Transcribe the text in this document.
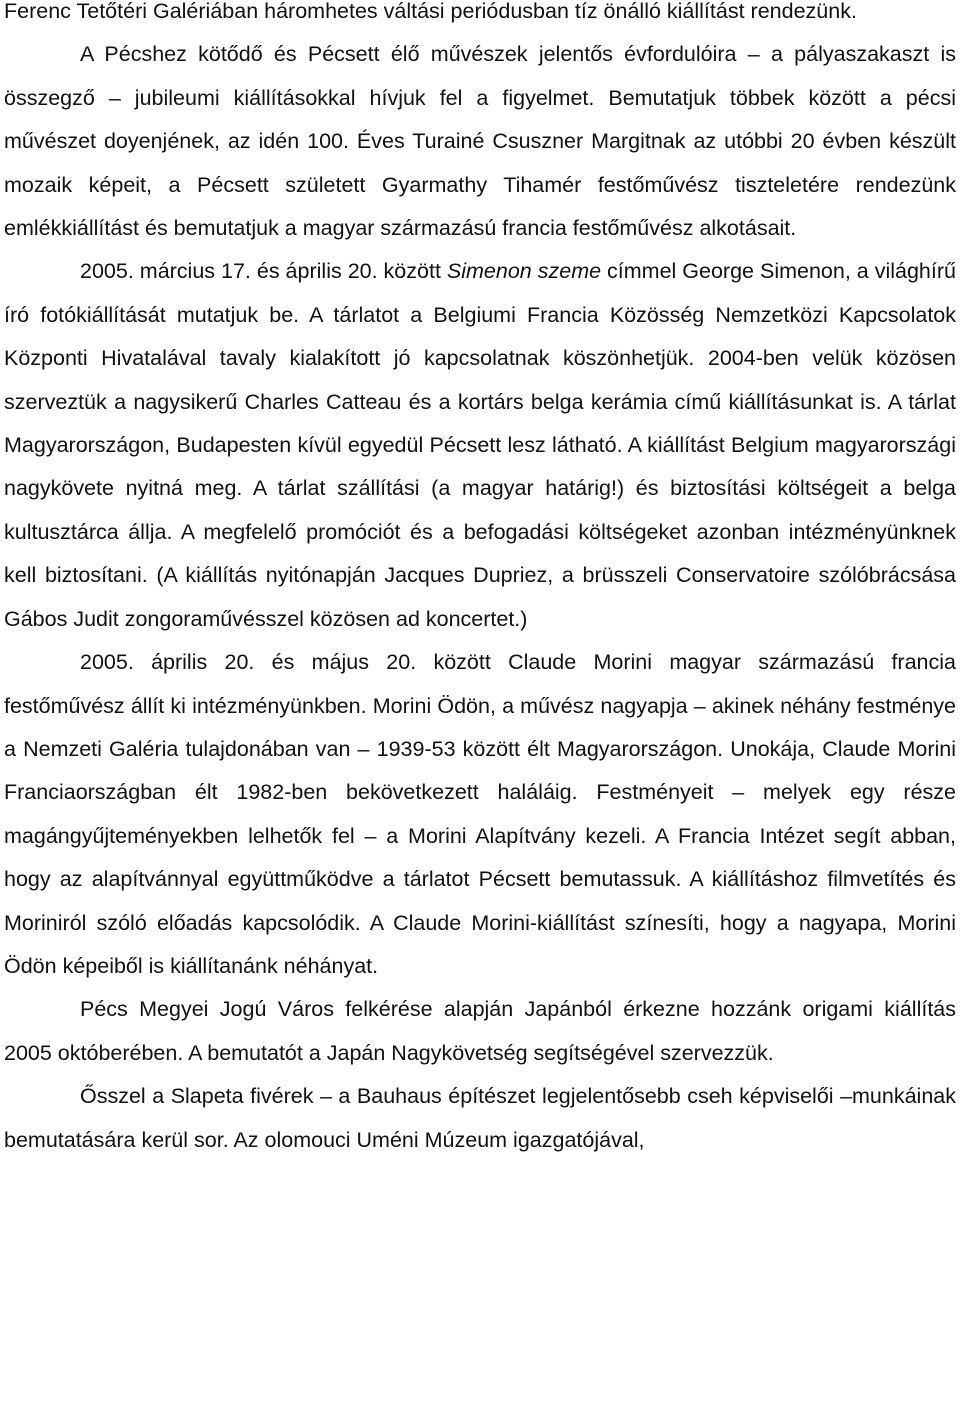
Ferenc Tetőtéri Galériában háromhetes váltási periódusban tíz önálló kiállítást rendezünk.

A Pécshez kötődő és Pécsett élő művészek jelentős évfordulóira – a pályaszakaszt is összegző – jubileumi kiállításokkal hívjuk fel a figyelmet. Bemutatjuk többek között a pécsi művészet doyenjének, az idén 100. Éves Turainé Csuszner Margitnak az utóbbi 20 évben készült mozaik képeit, a Pécsett született Gyarmathy Tihamér festőművész tiszteletére rendezünk emlékkiállítást és bemutatjuk a magyar származású francia festőművész alkotásait.

2005. március 17. és április 20. között Simenon szeme címmel George Simenon, a világhírű író fotókiállítását mutatjuk be. A tárlatot a Belgiumi Francia Közösség Nemzetközi Kapcsolatok Központi Hivatalával tavaly kialakított jó kapcsolatnak köszönhetjük. 2004-ben velük közösen szerveztük a nagysikerű Charles Catteau és a kortárs belga kerámia című kiállításunkat is. A tárlat Magyarországon, Budapesten kívül egyedül Pécsett lesz látható. A kiállítást Belgium magyarországi nagykövete nyitná meg. A tárlat szállítási (a magyar határig!) és biztosítási költségeit a belga kultusztárca állja. A megfelelő promóciót és a befogadási költségeket azonban intézményünknek kell biztosítani. (A kiállítás nyitónapján Jacques Dupriez, a brüsszeli Conservatoire szólóbrácsása Gábos Judit zongoraművésszel közösen ad koncertet.)

2005. április 20. és május 20. között Claude Morini magyar származású francia festőművész állít ki intézményünkben. Morini Ödön, a művész nagyapja – akinek néhány festménye a Nemzeti Galéria tulajdonában van – 1939-53 között élt Magyarországon. Unokája, Claude Morini Franciaországban élt 1982-ben bekövetkezett haláláig. Festményeit – melyek egy része magángyűjteményekben lelhetők fel – a Morini Alapítvány kezeli. A Francia Intézet segít abban, hogy az alapítvánnyal együttműködve a tárlatot Pécsett bemutassuk. A kiállításhoz filmvetítés és Moriniról szóló előadás kapcsolódik. A Claude Morini-kiállítást színesíti, hogy a nagyapa, Morini Ödön képeiből is kiállítanánk néhányat.

Pécs Megyei Jogú Város felkérése alapján Japánból érkezne hozzánk origami kiállítás 2005 októberében. A bemutatót a Japán Nagykövetség segítségével szervezzük.

Ősszel a Slapeta fivérek – a Bauhaus építészet legjelentősebb cseh képviselői –munkáinak bemutatására kerül sor. Az olomouci Uméni Múzeum igazgatójával,
